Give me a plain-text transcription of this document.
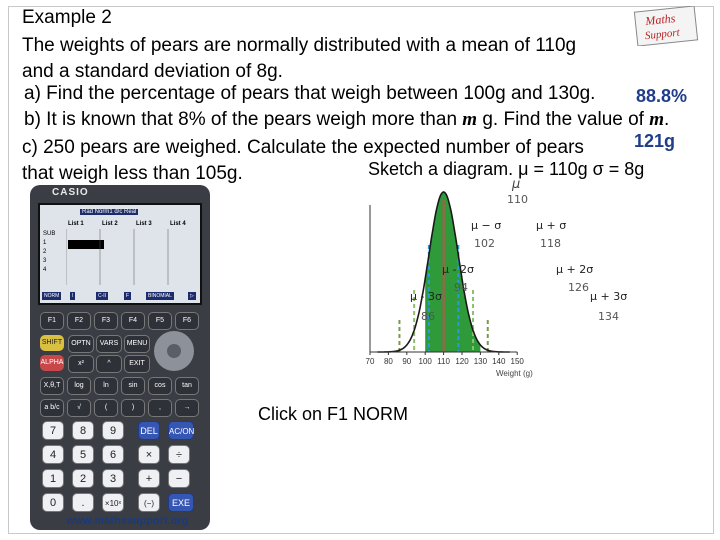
Example 2
The weights of pears are normally distributed with a mean of 110g
and a standard deviation of 8g.
a) Find the percentage of pears that weigh between 100g and 130g. 88.8%
b) It is known that 8% of the pears weigh more than m g. Find the value of m.
121g
c) 250 pears are weighed. Calculate the expected number of pears
that weigh less than 105g.	Sketch a diagram. μ = 110g σ = 8g
Maths
Support
CASIO
Rad Norm1 d/c Real
List 1	List 2	List 3	List 4
SUB
1
2
3
4
NORM	I	C-II	F	BINOMIAL	▷
F1	F2	F3	F4	F5	F6
SHIFT	OPTN	VARS	MENU
ALPHA	x²	^	EXIT
X,θ,T	log	ln	sin	cos	tan
a b/c	√	(	)	,	→
7	8	9	DEL AC/ON
4	5	6	×	÷
1	2	3	+	−
0	.	×10ˣ	(−)	EXE
www.mathssupport.org
Click on F1 NORM
70 80 90 100 110 120 130 140 150
μ
110
μ − σ
102
μ + σ
118
μ - 2σ
94
μ + 2σ
126
μ - 3σ
86
μ + 3σ
134
Weight (g)
